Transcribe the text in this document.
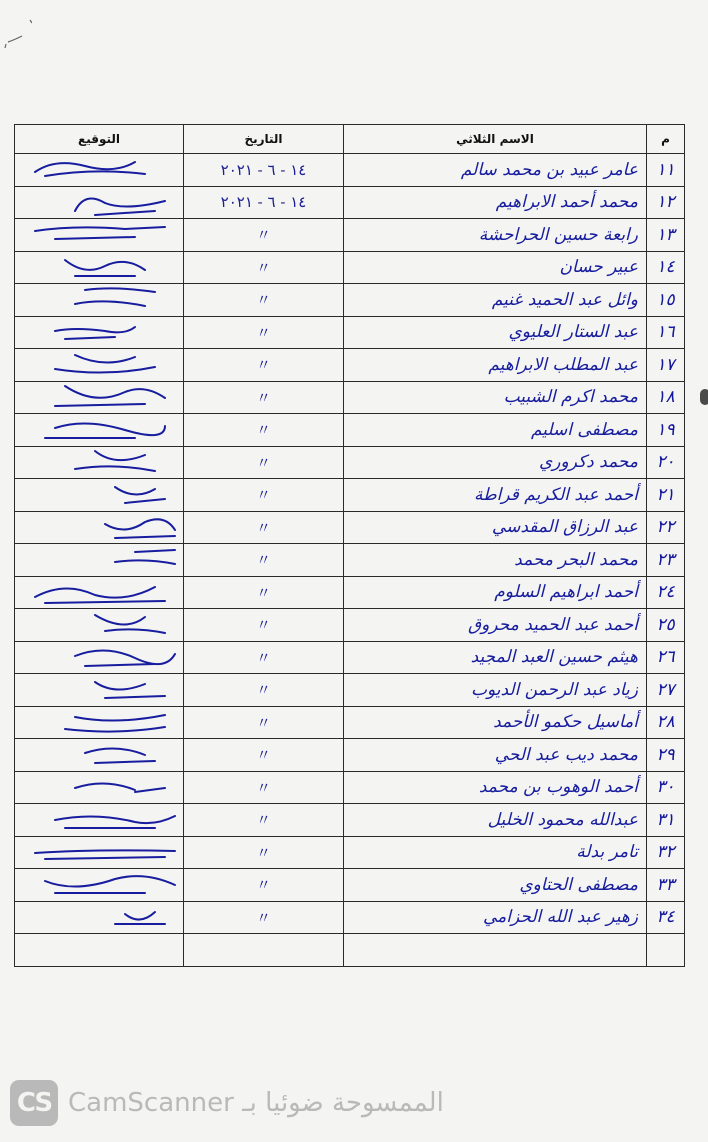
م	الاسم الثلاثي	التاريخ	التوقيع
١١	عامر عبيد بن محمد سالم	١٤ - ٦ - ٢٠٢١	

١٢	محمد أحمد الابراهيم	١٤ - ٦ - ٢٠٢١	

١٣	رابعة حسين الحراحشة	〃	

١٤	عبير حسان	〃	

١٥	وائل عبد الحميد غنيم	〃	

١٦	عبد الستار العليوي	〃	

١٧	عبد المطلب الابراهيم	〃	

١٨	محمد اكرم الشبيب	〃	

١٩	مصطفى اسليم	〃	

٢٠	محمد دكروري	〃	

٢١	أحمد عبد الكريم قراطة	〃	

٢٢	عبد الرزاق المقدسي	〃	

٢٣	محمد البحر محمد	〃	

٢٤	أحمد ابراهيم السلوم	〃	

٢٥	أحمد عبد الحميد محروق	〃	

٢٦	هيثم حسين العبد المجيد	〃	

٢٧	زياد عبد الرحمن الديوب	〃	

٢٨	أماسيل حكمو الأحمد	〃	

٢٩	محمد ديب عبد الحي	〃	

٣٠	أحمد الوهوب بن محمد	〃	

٣١	عبدالله محمود الخليل	〃	

٣٢	تامر بدلة	〃	

٣٣	مصطفى الحتاوي	〃	

٣٤	زهير عبد الله الحزامي	〃	

CS CamScanner الممسوحة ضوئيا بـ
